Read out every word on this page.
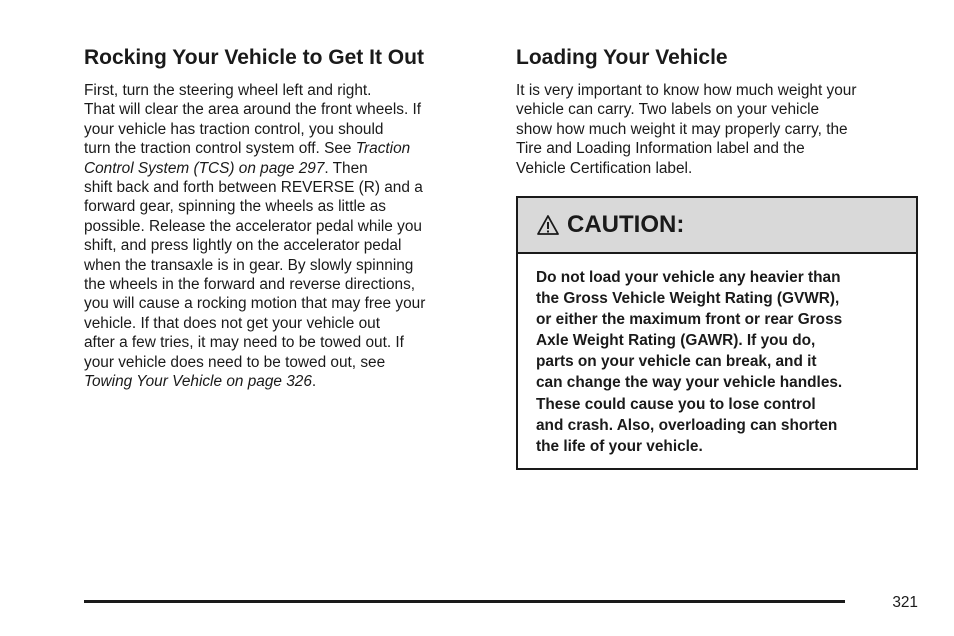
Rocking Your Vehicle to Get It Out

First, turn the steering wheel left and right.
That will clear the area around the front wheels. If
your vehicle has traction control, you should
turn the traction control system off. See Traction
Control System (TCS) on page 297. Then
shift back and forth between REVERSE (R) and a
forward gear, spinning the wheels as little as
possible. Release the accelerator pedal while you
shift, and press lightly on the accelerator pedal
when the transaxle is in gear. By slowly spinning
the wheels in the forward and reverse directions,
you will cause a rocking motion that may free your
vehicle. If that does not get your vehicle out
after a few tries, it may need to be towed out. If
your vehicle does need to be towed out, see
Towing Your Vehicle on page 326.

Loading Your Vehicle

It is very important to know how much weight your
vehicle can carry. Two labels on your vehicle
show how much weight it may properly carry, the
Tire and Loading Information label and the
Vehicle Certification label.

CAUTION:
Do not load your vehicle any heavier than
the Gross Vehicle Weight Rating (GVWR),
or either the maximum front or rear Gross
Axle Weight Rating (GAWR). If you do,
parts on your vehicle can break, and it
can change the way your vehicle handles.
These could cause you to lose control
and crash. Also, overloading can shorten
the life of your vehicle.
321
